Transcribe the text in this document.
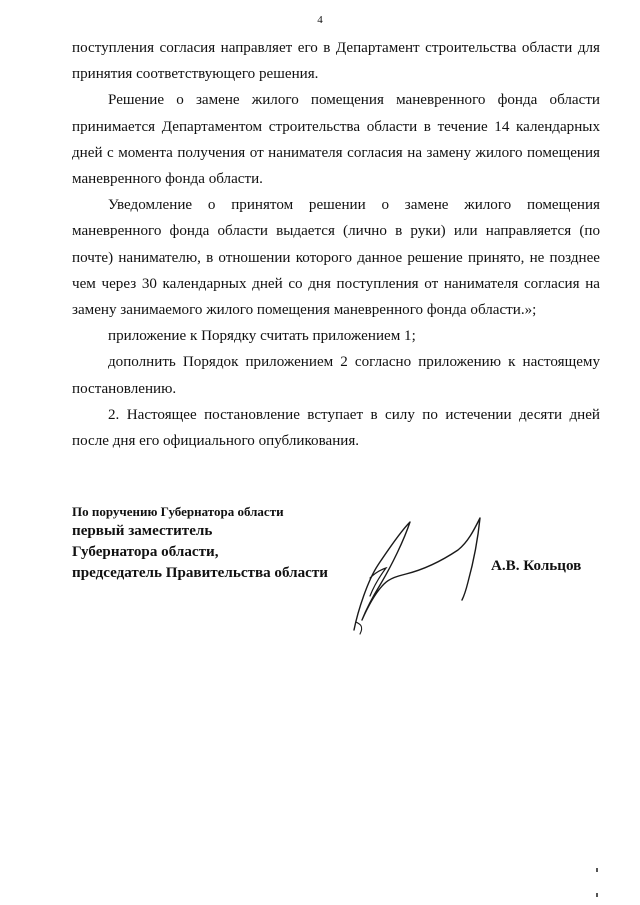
4

поступления согласия направляет его в Департамент строительства области для принятия соответствующего решения.

Решение о замене жилого помещения маневренного фонда области принимается Департаментом строительства области в течение 14 календарных дней с момента получения от нанимателя согласия на замену жилого помещения маневренного фонда области.

Уведомление о принятом решении о замене жилого помещения маневренного фонда области выдается (лично в руки) или направляется (по почте) нанимателю, в отношении которого данное решение принято, не позднее чем через 30 календарных дней со дня поступления от нанимателя согласия на замену занимаемого жилого помещения маневренного фонда области.»;

приложение к Порядку считать приложением 1;

дополнить Порядок приложением 2 согласно приложению к настоящему постановлению.

2. Настоящее постановление вступает в силу по истечении десяти дней после дня его официального опубликования.

По поручению Губернатора области
первый заместитель
Губернатора области,
председатель Правительства области	А.В. Кольцов
